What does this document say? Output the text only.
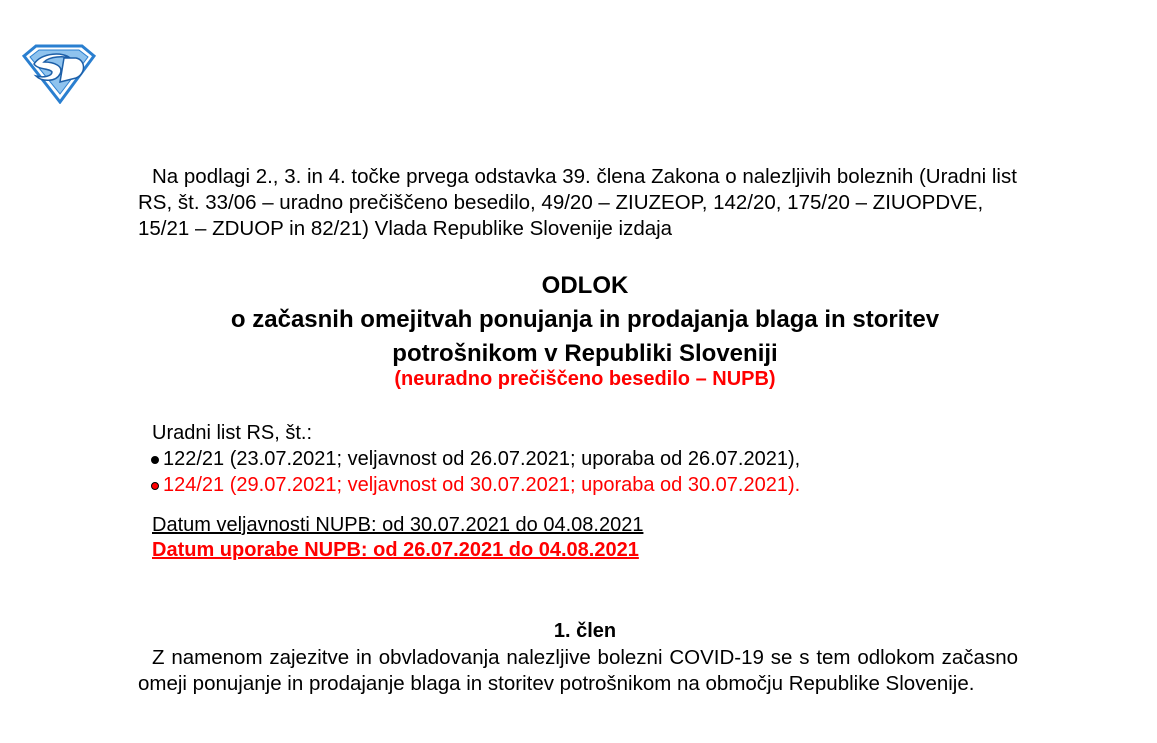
Na podlagi 2., 3. in 4. točke prvega odstavka 39. člena Zakona o nalezljivih boleznih (Uradni list RS, št. 33/06 – uradno prečiščeno besedilo, 49/20 – ZIUZEOP, 142/20, 175/20 – ZIUOPDVE, 15/21 – ZDUOP in 82/21) Vlada Republike Slovenije izdaja

ODLOK
o začasnih omejitvah ponujanja in prodajanja blaga in storitev
potrošnikom v Republiki Sloveniji
(neuradno prečiščeno besedilo – NUPB)
Uradni list RS, št.:
122/21 (23.07.2021; veljavnost od 26.07.2021; uporaba od 26.07.2021),
124/21 (29.07.2021; veljavnost od 30.07.2021; uporaba od 30.07.2021).
Datum veljavnosti NUPB: od 30.07.2021 do 04.08.2021
Datum uporabe NUPB: od 26.07.2021 do 04.08.2021
1. člen

Z namenom zajezitve in obvladovanja nalezljive bolezni COVID-19 se s tem odlokom začasno omeji ponujanje in prodajanje blaga in storitev potrošnikom na območju Republike Slovenije.
